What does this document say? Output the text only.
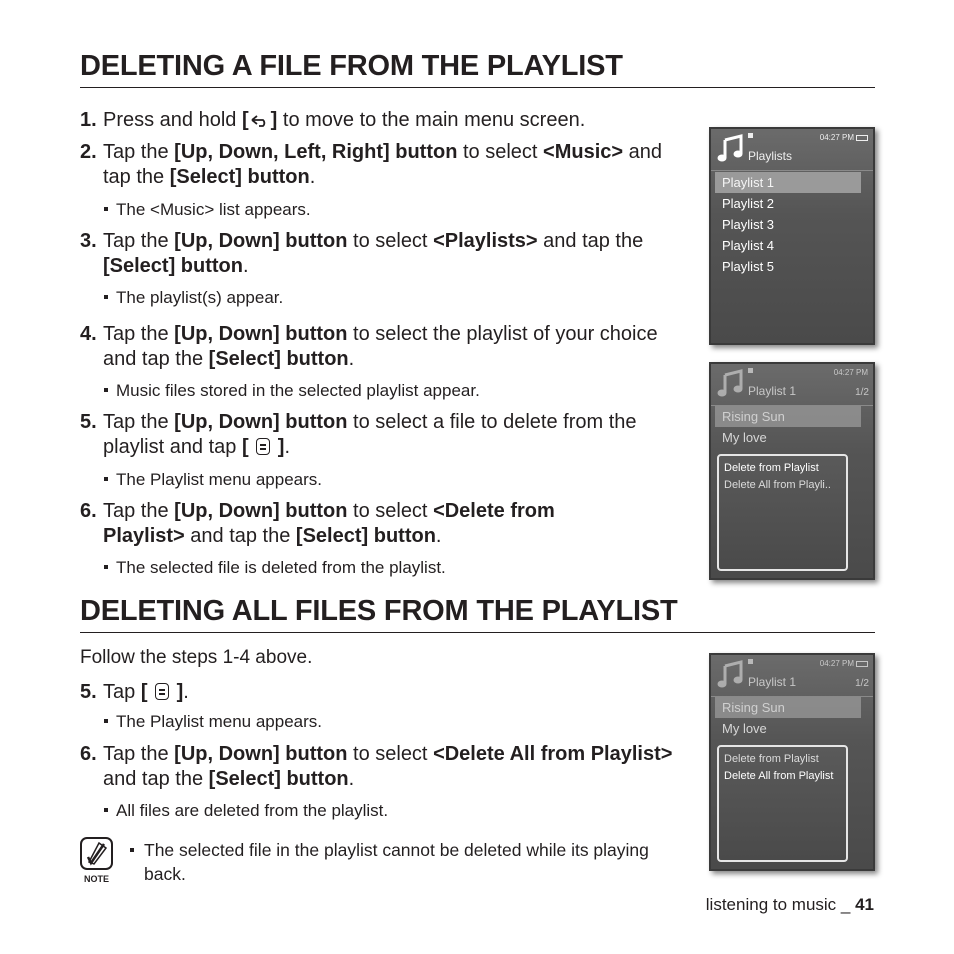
DELETING A FILE FROM THE PLAYLIST
1. Press and hold [ ] to move to the main menu screen.
2. Tap the [Up, Down, Left, Right] button to select <Music> and tap the [Select] button.
The <Music> list appears.
3. Tap the [Up, Down] button to select <Playlists> and tap the [Select] button.
The playlist(s) appear.
4. Tap the [Up, Down] button to select the playlist of your choice and tap the [Select] button.
Music files stored in the selected playlist appear.
5. Tap the [Up, Down] button to select a file to delete from the playlist and tap [ ].
The Playlist menu appears.
6. Tap the [Up, Down] button to select <Delete from Playlist> and tap the [Select] button.
The selected file is deleted from the playlist.
DELETING ALL FILES FROM THE PLAYLIST
Follow the steps 1-4 above.
5. Tap [ ].
The Playlist menu appears.
6. Tap the [Up, Down] button to select <Delete All from Playlist> and tap the [Select] button.
All files are deleted from the playlist.
NOTE
The selected file in the playlist cannot be deleted while its playing back.
listening to music _ 41
04:27 PM
Playlists
Playlist 1
Playlist 2
Playlist 3
Playlist 4
Playlist 5
04:27 PM
Playlist 1	1/2
Rising Sun
My love
Delete from Playlist
Delete All from Playli..
04:27 PM
Playlist 1	1/2
Rising Sun
My love
Delete from Playlist
Delete All from Playlist
